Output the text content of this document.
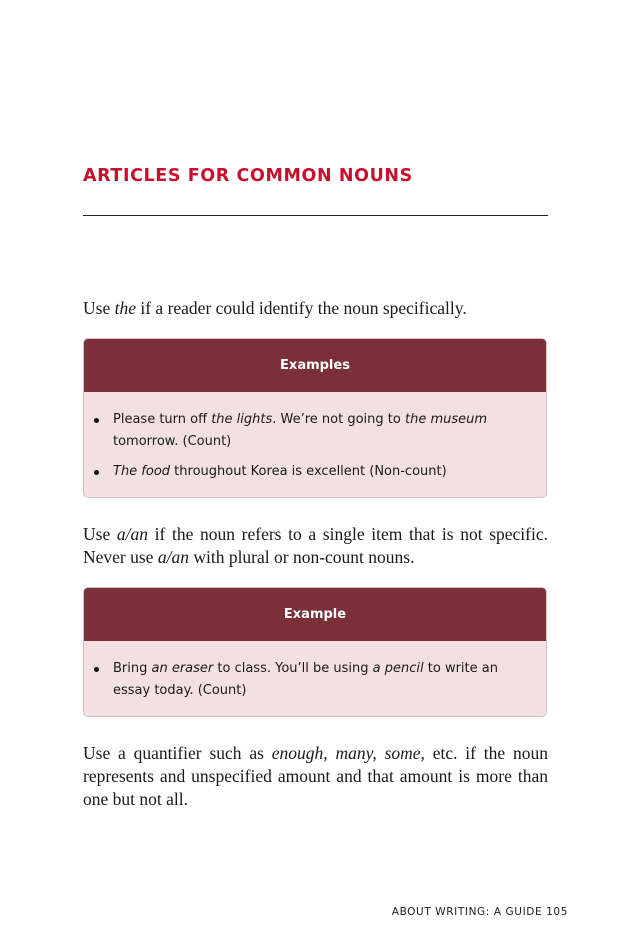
ARTICLES FOR COMMON NOUNS

Use the if a reader could identify the noun specifically.

Examples
Please turn off the lights. We’re not going to the museum tomorrow. (Count)
The food throughout Korea is excellent (Non-count)

Use a/an if the noun refers to a single item that is not specific. Never use a/an with plural or non-count nouns.

Example
Bring an eraser to class. You’ll be using a pencil to write an essay today. (Count)

Use a quantifier such as enough, many, some, etc. if the noun represents and unspecified amount and that amount is more than one but not all.

ABOUT WRITING: A GUIDE 105
